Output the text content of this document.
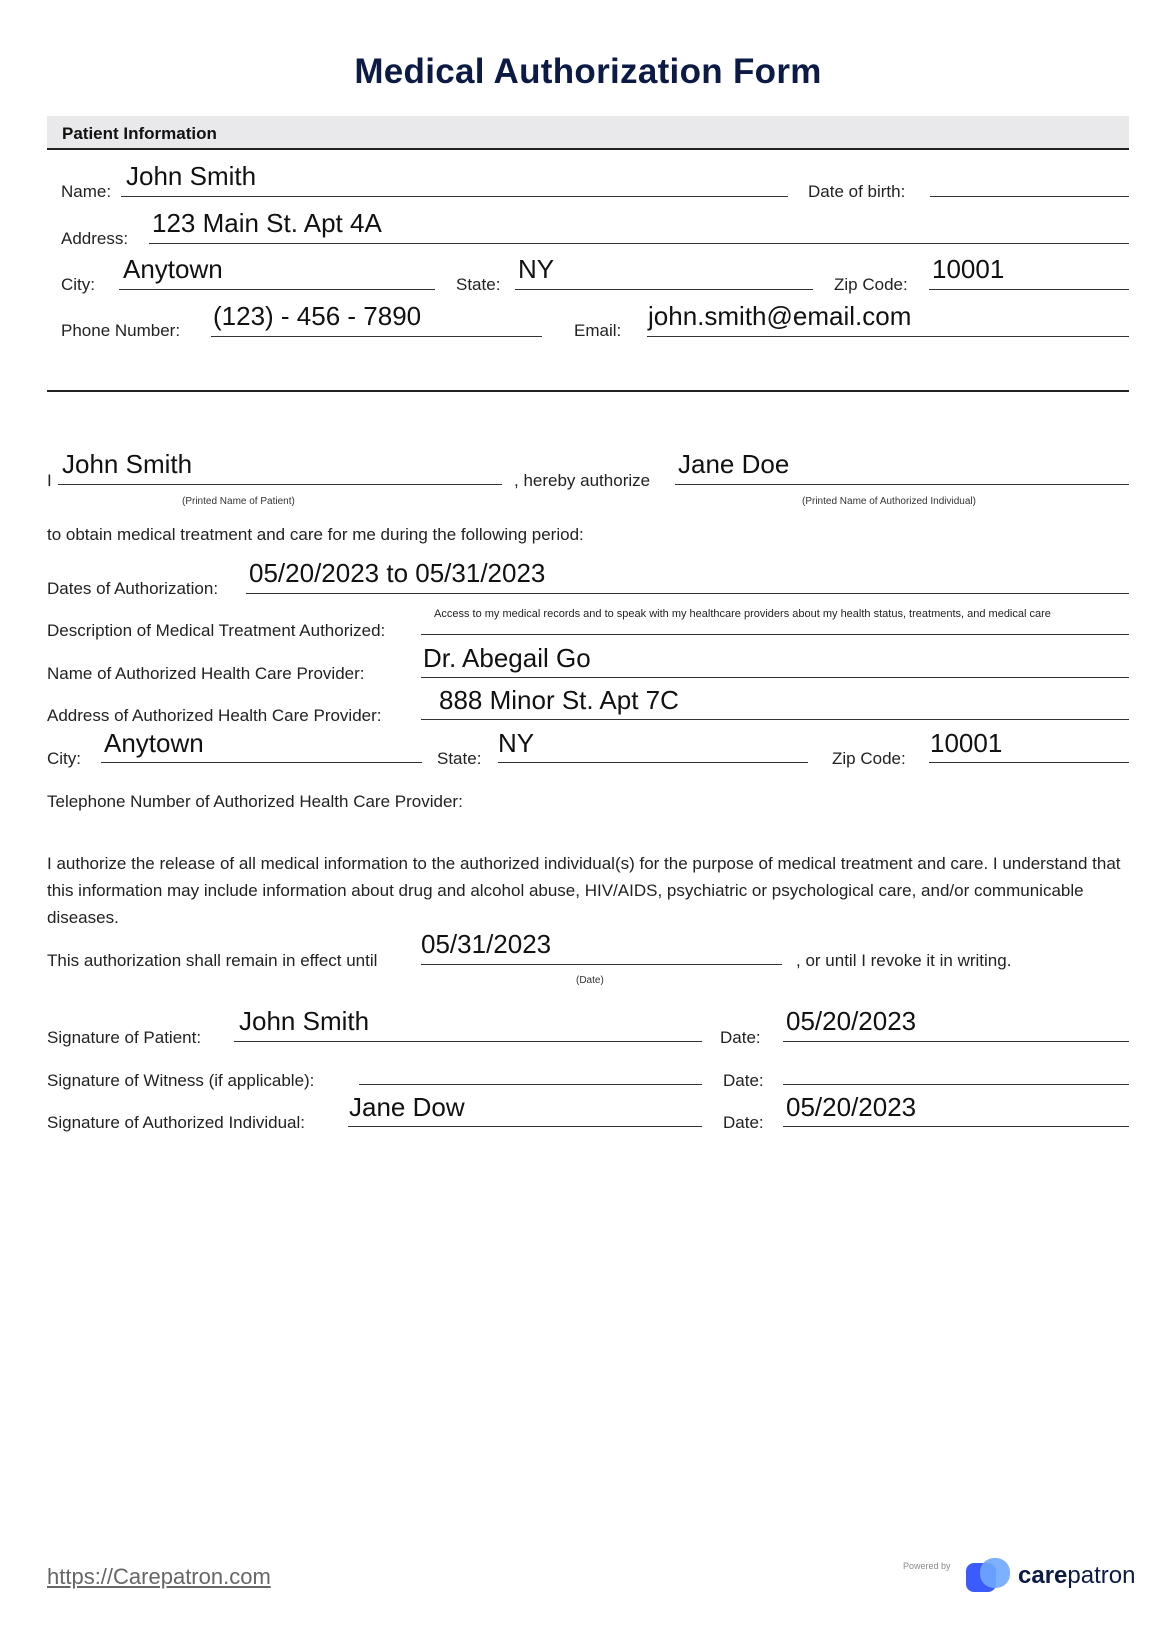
Medical Authorization Form
Patient Information
Name:
John Smith
Date of birth:
Address:
123 Main St. Apt 4A
City:
Anytown
State:
NY
Zip Code:
10001
Phone Number: (123) - 456 - 7890	Email: john.smith@email.com
I
John Smith
(Printed Name of Patient)
, hereby authorize
Jane Doe
(Printed Name of Authorized Individual)
to obtain medical treatment and care for me during the following period:
Dates of Authorization:
05/20/2023 to 05/31/2023
Description of Medical Treatment Authorized:
Access to my medical records and to speak with my healthcare providers about my health status, treatments, and medical care
Name of Authorized Health Care Provider:
Dr. Abegail Go
Address of Authorized Health Care Provider:
888 Minor St. Apt 7C
City:
Anytown
State:
NY
Zip Code:
10001
Telephone Number of Authorized Health Care Provider:
I authorize the release of all medical information to the authorized individual(s) for the purpose of medical treatment and care. I understand that this information may include information about drug and alcohol abuse, HIV/AIDS, psychiatric or psychological care, and/or communicable diseases.
This authorization shall remain in effect until
05/31/2023
(Date)
, or until I revoke it in writing.
Signature of Patient:
John Smith
Date:
05/20/2023
Signature of Witness (if applicable):	Date:
Signature of Authorized Individual:
Jane Dow
Date:
05/20/2023
https://Carepatron.com	Powered by	carepatron
